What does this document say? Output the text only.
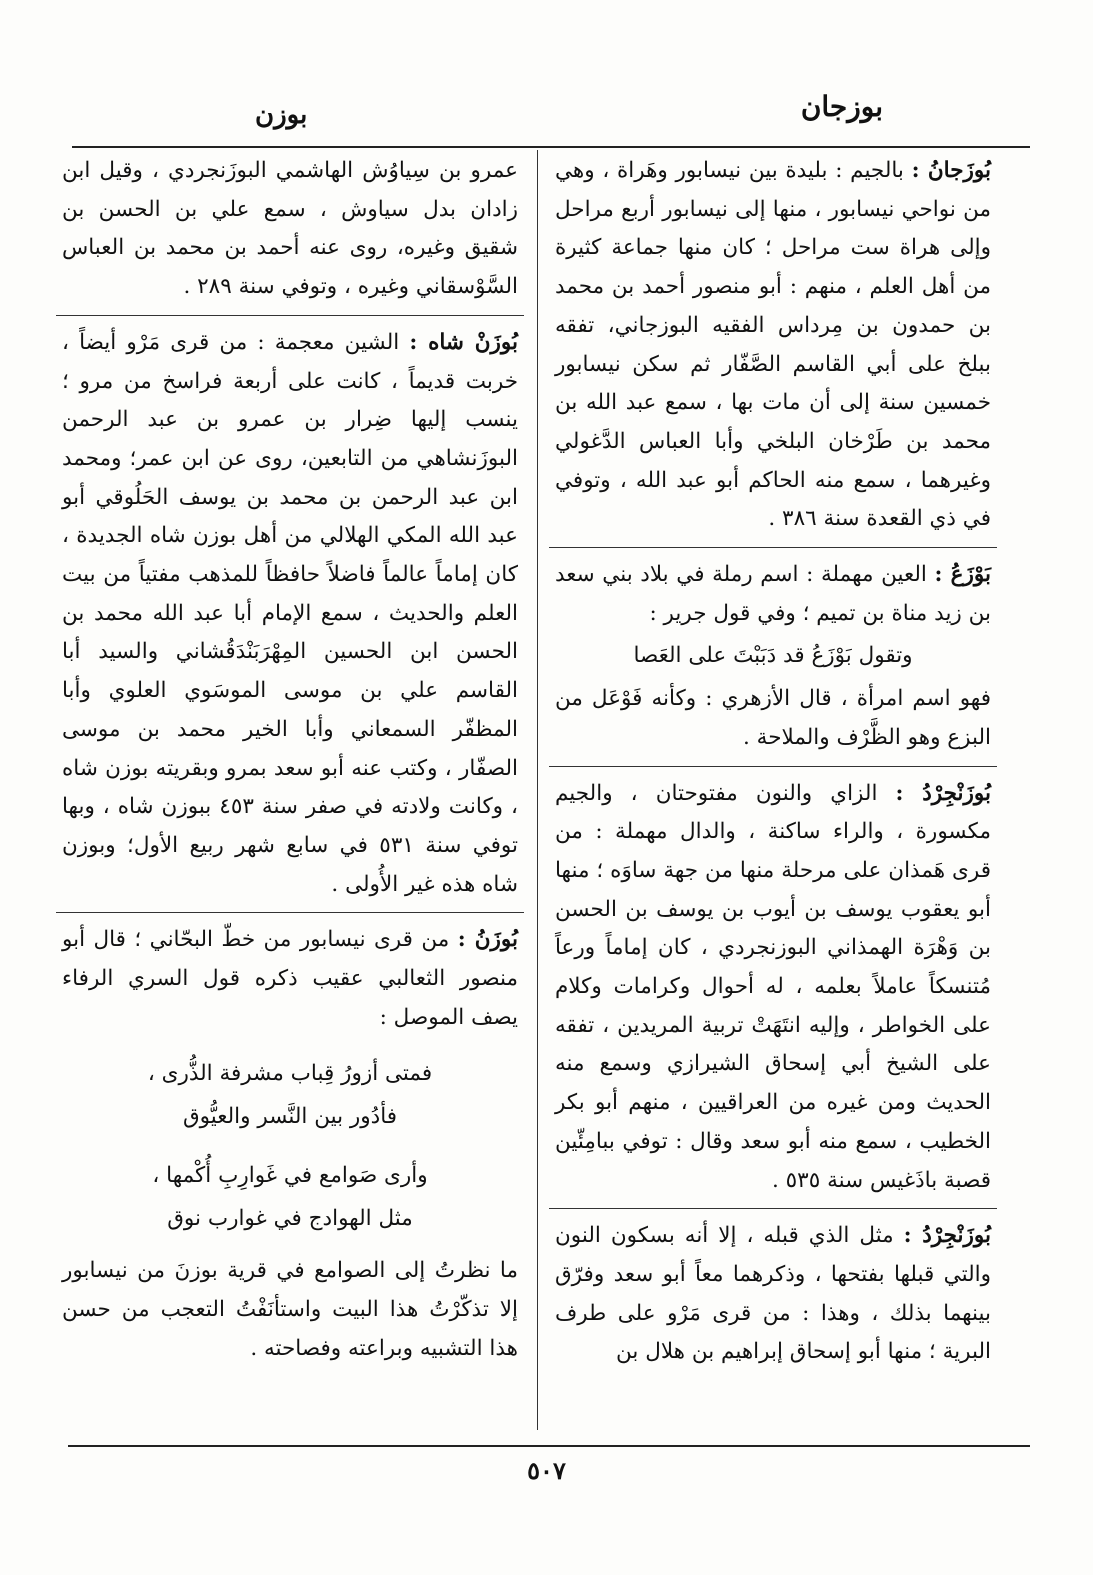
بوزجان
بوزن
بُوزَجانُ : بالجيم : بليدة بين نيسابور وهَراة ، وهي من نواحي نيسابور ، منها إلى نيسابور أربع مراحل وإلى هراة ست مراحل ؛ كان منها جماعة كثيرة من أهل العلم ، منهم : أبو منصور أحمد بن محمد بن حمدون بن مِرداس الفقيه البوزجاني، تفقه ببلخ على أبي القاسم الصَّفّار ثم سكن نيسابور خمسين سنة إلى أن مات بها ، سمع عبد الله بن محمد بن طَرْخان البلخي وأبا العباس الدَّغولي وغيرهما ، سمع منه الحاكم أبو عبد الله ، وتوفي في ذي القعدة سنة ٣٨٦ .
بَوْزَعُ : العين مهملة : اسم رملة في بلاد بني سعد بن زيد مناة بن تميم ؛ وفي قول جرير :
وتقول بَوْزَعُ قد دَبَبْتَ على العَصا
فهو اسم امرأة ، قال الأزهري : وكأنه فَوْعَل من البزع وهو الظَّرْف والملاحة .
بُوزَنْجِرْدُ : الزاي والنون مفتوحتان ، والجيم مكسورة ، والراء ساكنة ، والدال مهملة : من قرى هَمذان على مرحلة منها من جهة ساوَه ؛ منها أبو يعقوب يوسف بن أيوب بن يوسف بن الحسن بن وَهْرَة الهمذاني البوزنجردي ، كان إماماً ورعاً مُتنسكاً عاملاً بعلمه ، له أحوال وكرامات وكلام على الخواطر ، وإليه انتَهَتْ تربية المريدين ، تفقه على الشيخ أبي إسحاق الشيرازي وسمع منه الحديث ومن غيره من العراقيين ، منهم أبو بكر الخطيب ، سمع منه أبو سعد وقال : توفي ببامِئّين قصبة باذَغيس سنة ٥٣٥ .
بُوزَنْجِرْدُ : مثل الذي قبله ، إلا أنه بسكون النون والتي قبلها بفتحها ، وذكرهما معاً أبو سعد وفرّق بينهما بذلك ، وهذا : من قرى مَرْو على طرف البرية ؛ منها أبو إسحاق إبراهيم بن هلال بن
عمرو بن سِياوُش الهاشمي البوزَنجردي ، وقيل ابن زادان بدل سياوش ، سمع علي بن الحسن بن شقيق وغيره، روى عنه أحمد بن محمد بن العباس السَّوْسقاني وغيره ، وتوفي سنة ٢٨٩ .
بُوزَنْ شاه : الشين معجمة : من قرى مَرْو أيضاً ، خربت قديماً ، كانت على أربعة فراسخ من مرو ؛ ينسب إليها ضِرار بن عمرو بن عبد الرحمن البوزَنشاهي من التابعين، روى عن ابن عمر؛ ومحمد ابن عبد الرحمن بن محمد بن يوسف الحَلُوقي أبو عبد الله المكي الهلالي من أهل بوزن شاه الجديدة ، كان إماماً عالماً فاضلاً حافظاً للمذهب مفتياً من بيت العلم والحديث ، سمع الإمام أبا عبد الله محمد بن الحسن ابن الحسين المِهْرَبَنْدَقُشاني والسيد أبا القاسم علي بن موسى الموسَوي العلوي وأبا المظفّر السمعاني وأبا الخير محمد بن موسى الصفّار ، وكتب عنه أبو سعد بمرو وبقريته بوزن شاه ، وكانت ولادته في صفر سنة ٤٥٣ ببوزن شاه ، وبها توفي سنة ٥٣١ في سابع شهر ربيع الأول؛ وبوزن شاه هذه غير الأُولى .
بُوزَنُ : من قرى نيسابور من خطّ البحّاني ؛ قال أبو منصور الثعالبي عقيب ذكره قول السري الرفاء يصف الموصل :
فمتى أزورُ قِباب مشرفة الذُّرى ،
فأدُور بين النَّسر والعيُّوق
وأرى صَوامع في غَوارِبِ أُكْمها ،
مثل الهوادج في غوارب نوق
ما نظرتُ إلى الصوامع في قرية بوزنَ من نيسابور إلا تذكّرْتُ هذا البيت واستأنَفْتُ التعجب من حسن هذا التشبيه وبراعته وفصاحته .
٥٠٧
